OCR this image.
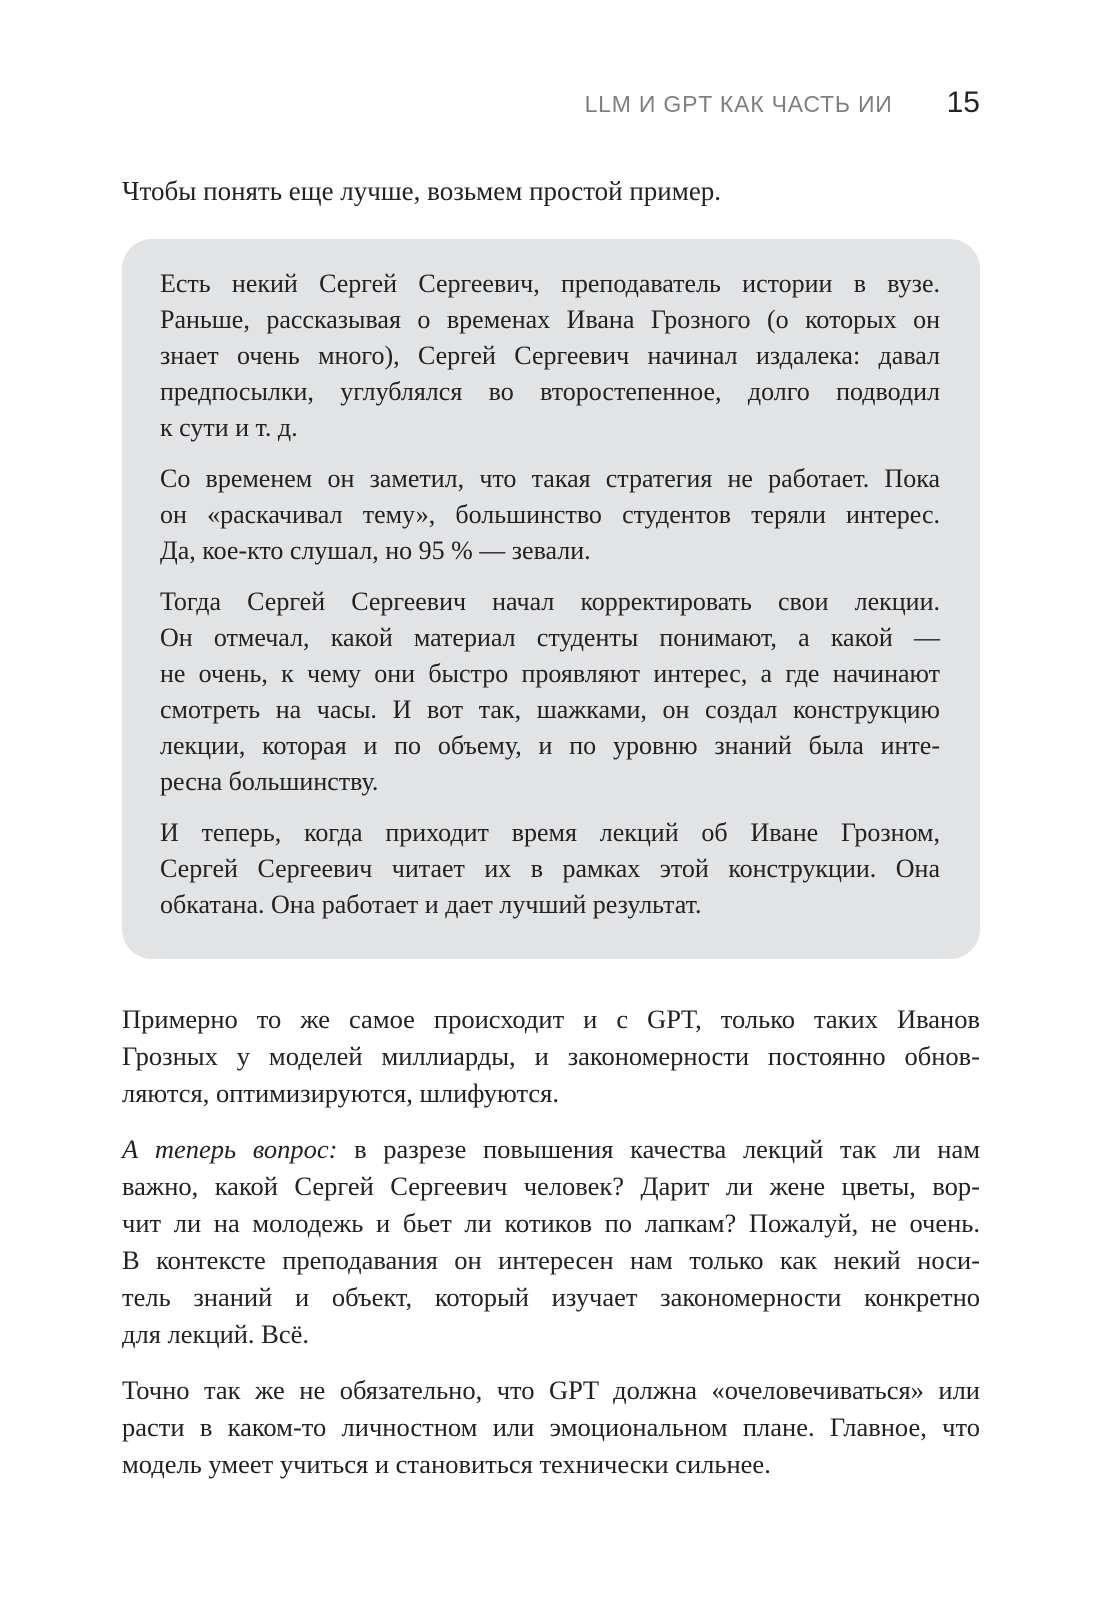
LLM И GPT КАК ЧАСТЬ ИИ 15

Чтобы понять еще лучше, возьмем простой пример.

Есть некий Сергей Сергеевич, преподаватель истории в вузе.
Раньше, рассказывая о временах Ивана Грозного (о которых он
знает очень много), Сергей Сергеевич начинал издалека: давал
предпосылки, углублялся во второстепенное, долго подводил
к сути и т. д.

Со временем он заметил, что такая стратегия не работает. Пока
он «раскачивал тему», большинство студентов теряли интерес.
Да, кое-кто слушал, но 95 % — зевали.

Тогда Сергей Сергеевич начал корректировать свои лекции.
Он отмечал, какой материал студенты понимают, а какой —
не очень, к чему они быстро проявляют интерес, а где начинают
смотреть на часы. И вот так, шажками, он создал конструкцию
лекции, которая и по объему, и по уровню знаний была инте-
ресна большинству.

И теперь, когда приходит время лекций об Иване Грозном,
Сергей Сергеевич читает их в рамках этой конструкции. Она
обкатана. Она работает и дает лучший результат.

Примерно то же самое происходит и с GPT, только таких Иванов
Грозных у моделей миллиарды, и закономерности постоянно обнов-
ляются, оптимизируются, шлифуются.

А теперь вопрос: в разрезе повышения качества лекций так ли нам
важно, какой Сергей Сергеевич человек? Дарит ли жене цветы, вор-
чит ли на молодежь и бьет ли котиков по лапкам? Пожалуй, не очень.
В контексте преподавания он интересен нам только как некий носи-
тель знаний и объект, который изучает закономерности конкретно
для лекций. Всё.

Точно так же не обязательно, что GPT должна «очеловечиваться» или
расти в каком-то личностном или эмоциональном плане. Главное, что
модель умеет учиться и становиться технически сильнее.
